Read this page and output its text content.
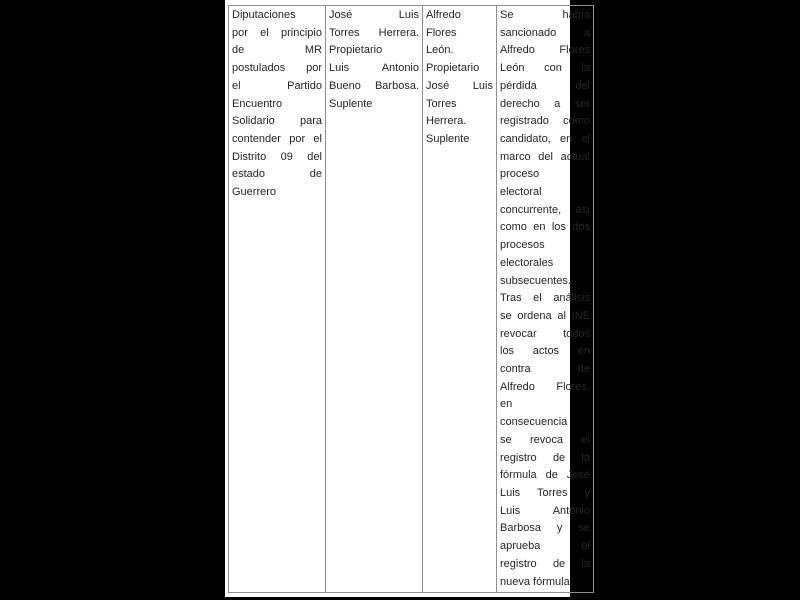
Diputaciones
por el principio
de MR
postulados por
el Partido
Encuentro
Solidario para
contender por el
Distrito 09 del
estado de
Guerrero

José Luis
Torres Herrera.
Propietario
Luis Antonio
Bueno Barbosa.
Suplente

Alfredo
Flores
León.
Propietario
José Luis
Torres
Herrera.
Suplente

Se había
sancionado a
Alfredo Flores
León con la
pérdida del
derecho a ser
registrado como
candidato, en el
marco del actual
proceso
electoral
concurrente, así
como en los dos
procesos
electorales
subsecuentes.
Tras el análisis
se ordena al INE
revocar todos
los actos en
contra de
Alfredo Flores,
en
consecuencia
se revoca el
registro de la
fórmula de José
Luis Torres y
Luis Antonio
Barbosa y se
aprueba el
registro de la
nueva fórmula
